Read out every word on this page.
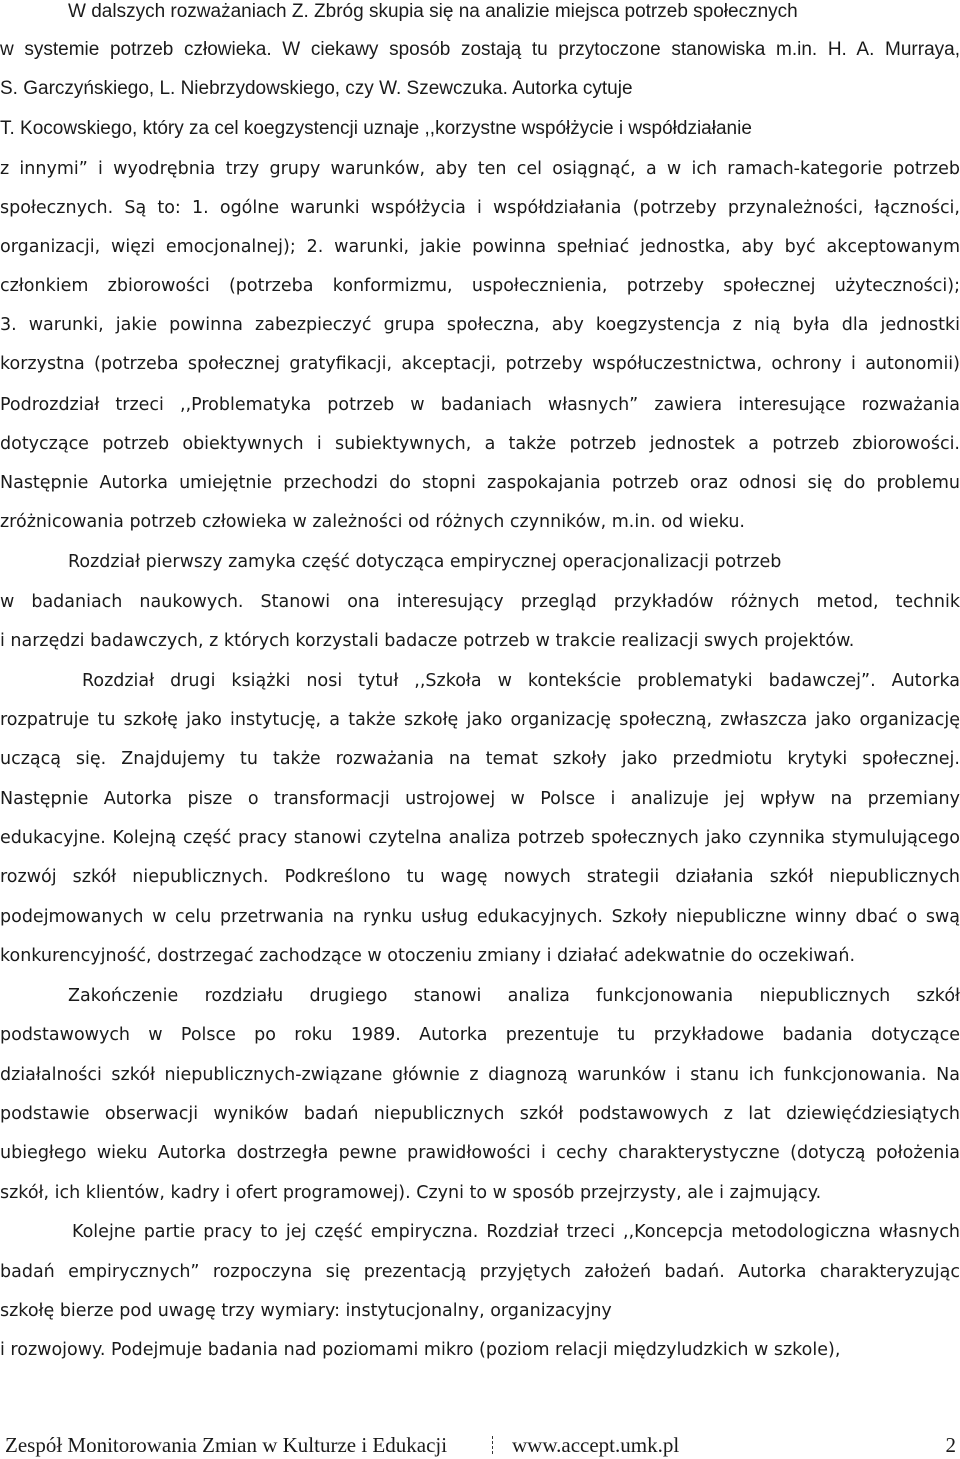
W dalszych rozważaniach Z. Zbróg skupia się na analizie miejsca potrzeb społecznych
w systemie potrzeb człowieka. W ciekawy sposób zostają tu przytoczone stanowiska m.in. H. A. Murraya,
S. Garczyńskiego, L. Niebrzydowskiego, czy W. Szewczuka. Autorka cytuje
T. Kocowskiego, który za cel koegzystencji uznaje ,,korzystne współżycie i współdziałanie
z innymi” i wyodrębnia trzy grupy warunków, aby ten cel osiągnąć, a w ich ramach-kategorie potrzeb
społecznych. Są to: 1. ogólne warunki współżycia i współdziałania (potrzeby przynależności, łączności,
organizacji, więzi emocjonalnej); 2. warunki, jakie powinna spełniać jednostka, aby być akceptowanym
członkiem zbiorowości (potrzeba konformizmu, uspołecznienia, potrzeby społecznej użyteczności);
3. warunki, jakie powinna zabezpieczyć grupa społeczna, aby koegzystencja z nią była dla jednostki
korzystna (potrzeba społecznej gratyfikacji, akceptacji, potrzeby współuczestnictwa, ochrony i autonomii)
Podrozdział trzeci ,,Problematyka potrzeb w badaniach własnych” zawiera interesujące rozważania
dotyczące potrzeb obiektywnych i subiektywnych, a także potrzeb jednostek a potrzeb zbiorowości.
Następnie Autorka umiejętnie przechodzi do stopni zaspokajania potrzeb oraz odnosi się do problemu
zróżnicowania potrzeb człowieka w zależności od różnych czynników, m.in. od wieku.
Rozdział pierwszy zamyka część dotycząca empirycznej operacjonalizacji potrzeb
w badaniach naukowych. Stanowi ona interesujący przegląd przykładów różnych metod, technik
i narzędzi badawczych, z których korzystali badacze potrzeb w trakcie realizacji swych projektów.
Rozdział drugi książki nosi tytuł ,,Szkoła w kontekście problematyki badawczej”. Autorka
rozpatruje tu szkołę jako instytucję, a także szkołę jako organizację społeczną, zwłaszcza jako organizację
uczącą się. Znajdujemy tu także rozważania na temat szkoły jako przedmiotu krytyki społecznej.
Następnie Autorka pisze o transformacji ustrojowej w Polsce i analizuje jej wpływ na przemiany
edukacyjne. Kolejną część pracy stanowi czytelna analiza potrzeb społecznych jako czynnika stymulującego
rozwój szkół niepublicznych. Podkreślono tu wagę nowych strategii działania szkół niepublicznych
podejmowanych w celu przetrwania na rynku usług edukacyjnych. Szkoły niepubliczne winny dbać o swą
konkurencyjność, dostrzegać zachodzące w otoczeniu zmiany i działać adekwatnie do oczekiwań.
Zakończenie rozdziału drugiego stanowi analiza funkcjonowania niepublicznych szkół
podstawowych w Polsce po roku 1989. Autorka prezentuje tu przykładowe badania dotyczące
działalności szkół niepublicznych-związane głównie z diagnozą warunków i stanu ich funkcjonowania. Na
podstawie obserwacji wyników badań niepublicznych szkół podstawowych z lat dziewięćdziesiątych
ubiegłego wieku Autorka dostrzegła pewne prawidłowości i cechy charakterystyczne (dotyczą położenia
szkół, ich klientów, kadry i ofert programowej). Czyni to w sposób przejrzysty, ale i zajmujący.
Kolejne partie pracy to jej część empiryczna. Rozdział trzeci ,,Koncepcja metodologiczna własnych
badań empirycznych” rozpoczyna się prezentacją przyjętych założeń badań. Autorka charakteryzując
szkołę bierze pod uwagę trzy wymiary: instytucjonalny, organizacyjny
i rozwojowy. Podejmuje badania nad poziomami mikro (poziom relacji międzyludzkich w szkole),
Zespół Monitorowania Zmian w Kulturze i Edukacji	www.accept.umk.pl	2
